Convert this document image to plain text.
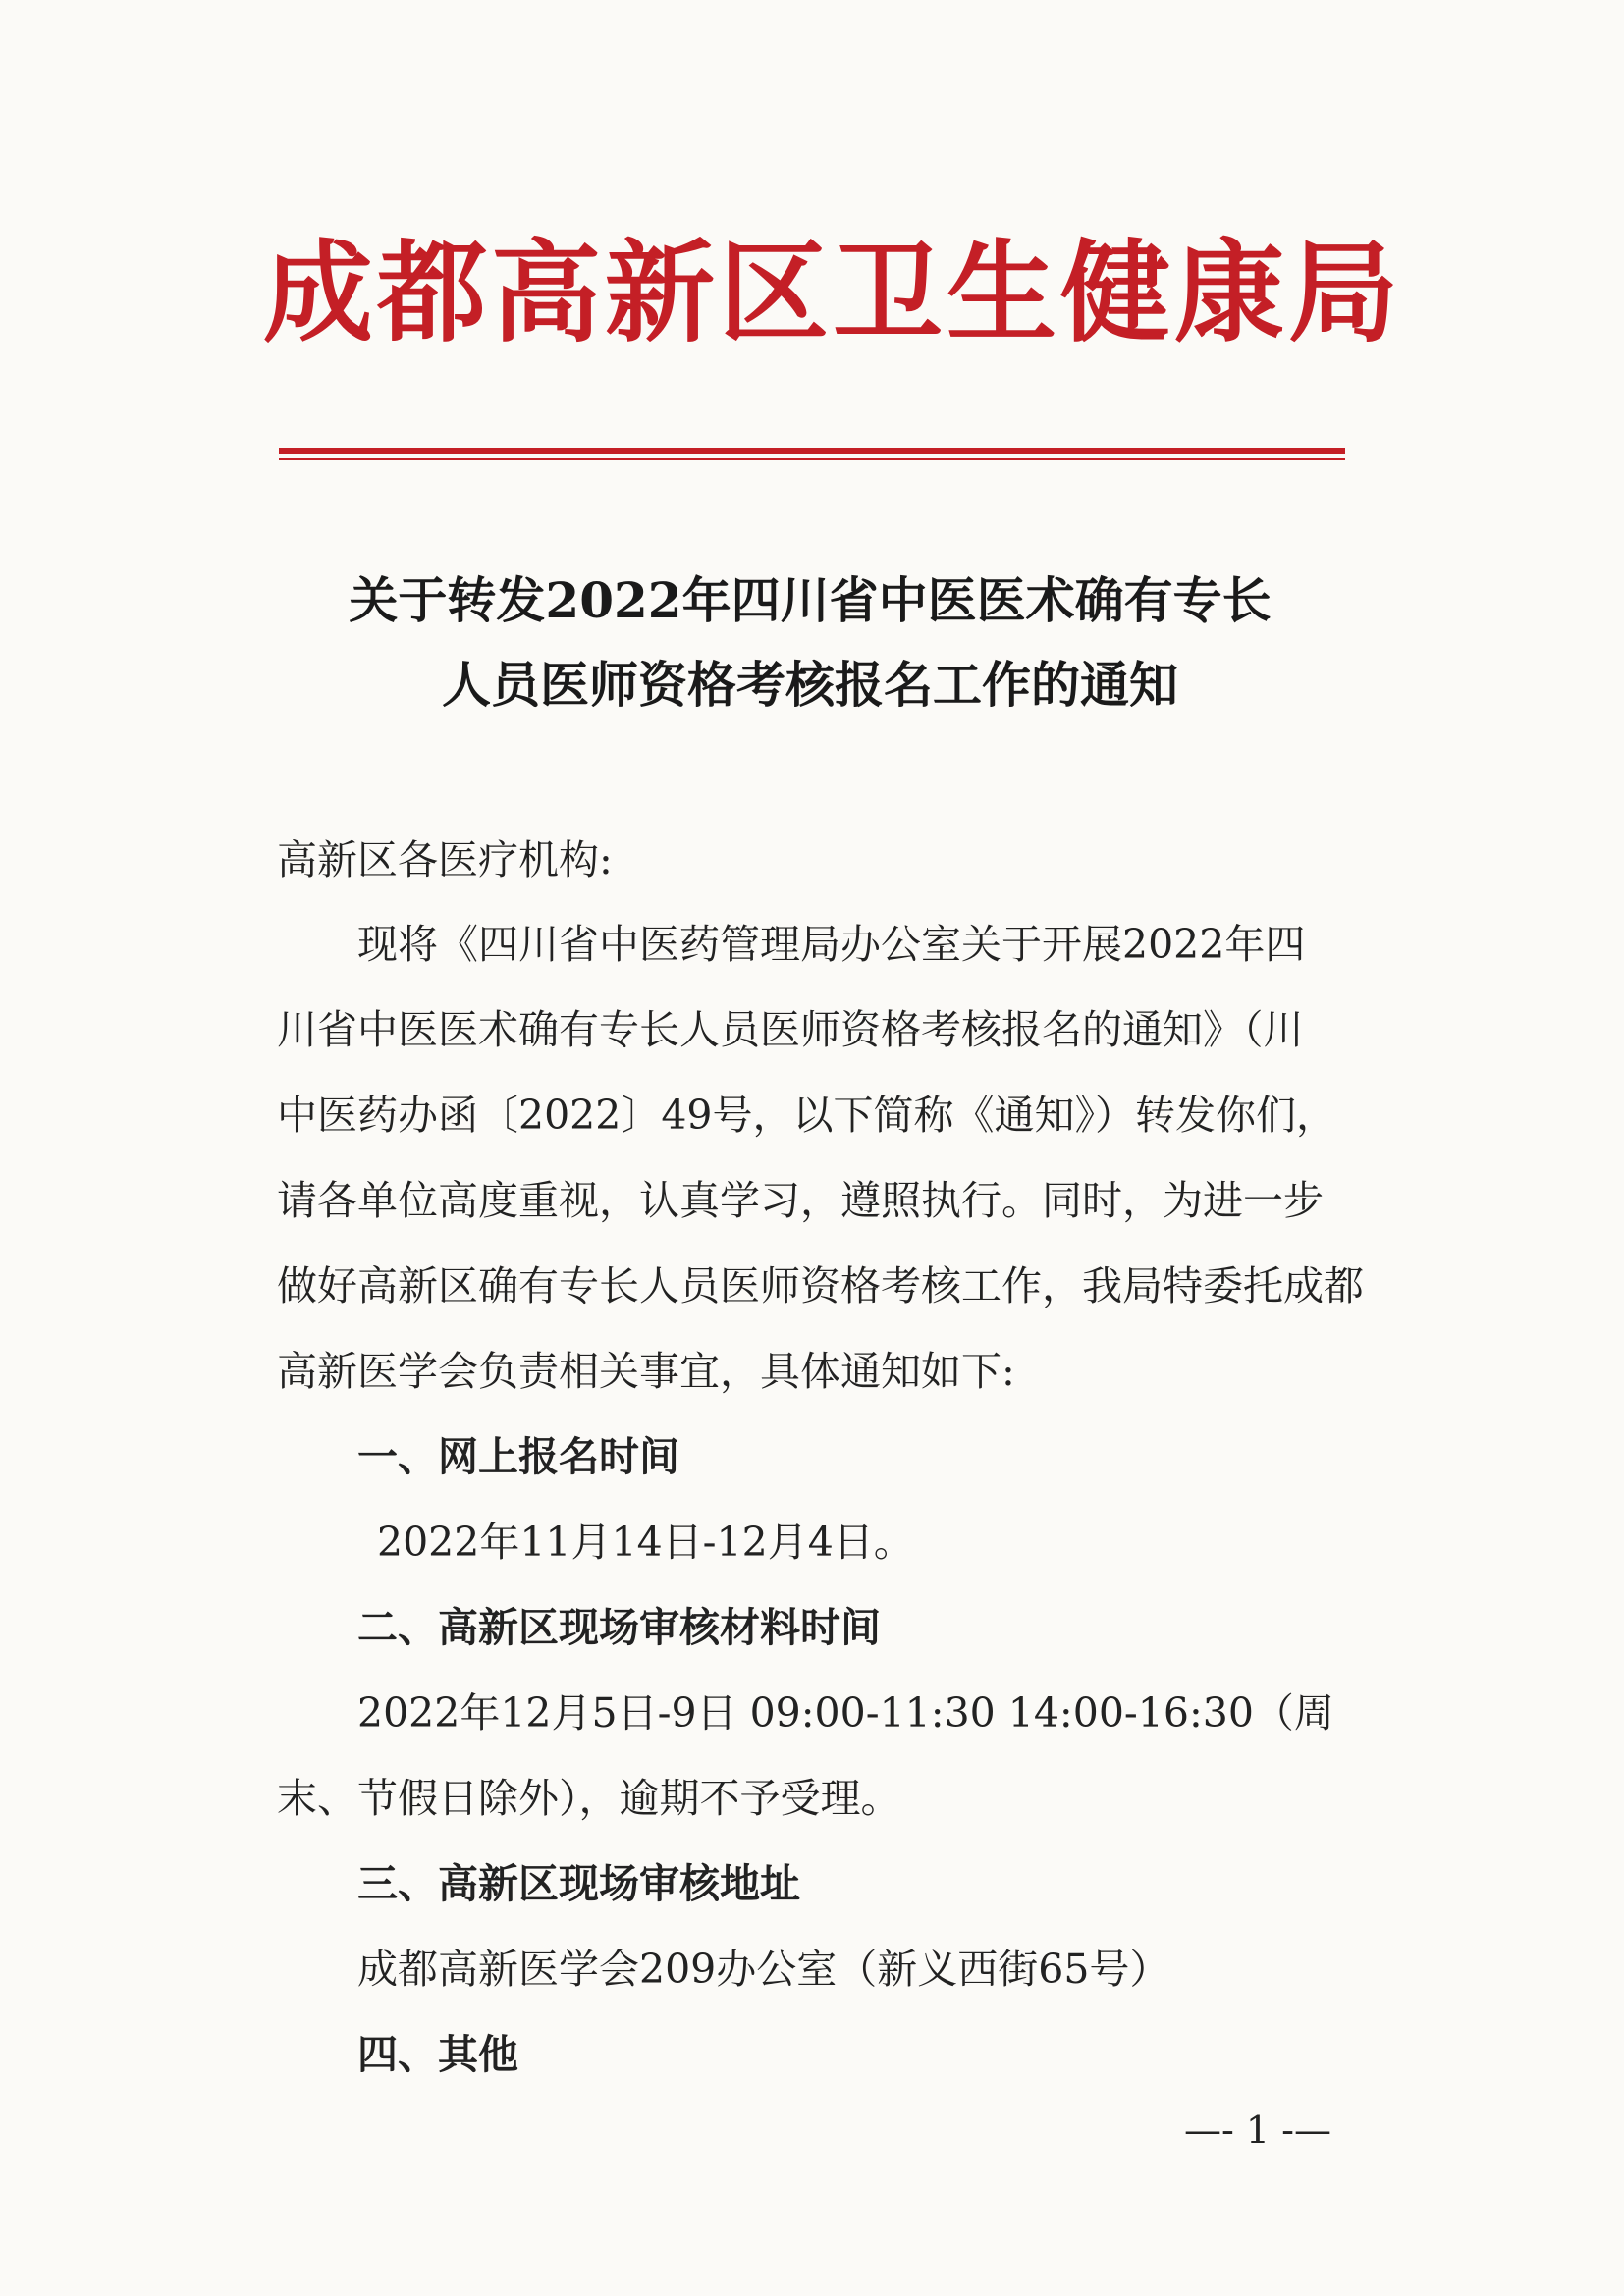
成都高新区卫生健康局
关于转发2022年四川省中医医术确有专长
人员医师资格考核报名工作的通知
高新区各医疗机构:
现将《四川省中医药管理局办公室关于开展2022年四
川省中医医术确有专长人员医师资格考核报名的通知》（川
中医药办函〔2022〕49号，以下简称《通知》）转发你们，
请各单位高度重视，认真学习，遵照执行。同时，为进一步
做好高新区确有专长人员医师资格考核工作，我局特委托成都
高新医学会负责相关事宜，具体通知如下:
一、网上报名时间
2022年11月14日-12月4日。
二、高新区现场审核材料时间
2022年12月5日-9日 09:00-11:30 14:00-16:30（周
末、节假日除外），逾期不予受理。
三、高新区现场审核地址
成都高新医学会209办公室（新义西街65号）
四、其他
—- 1 -—
